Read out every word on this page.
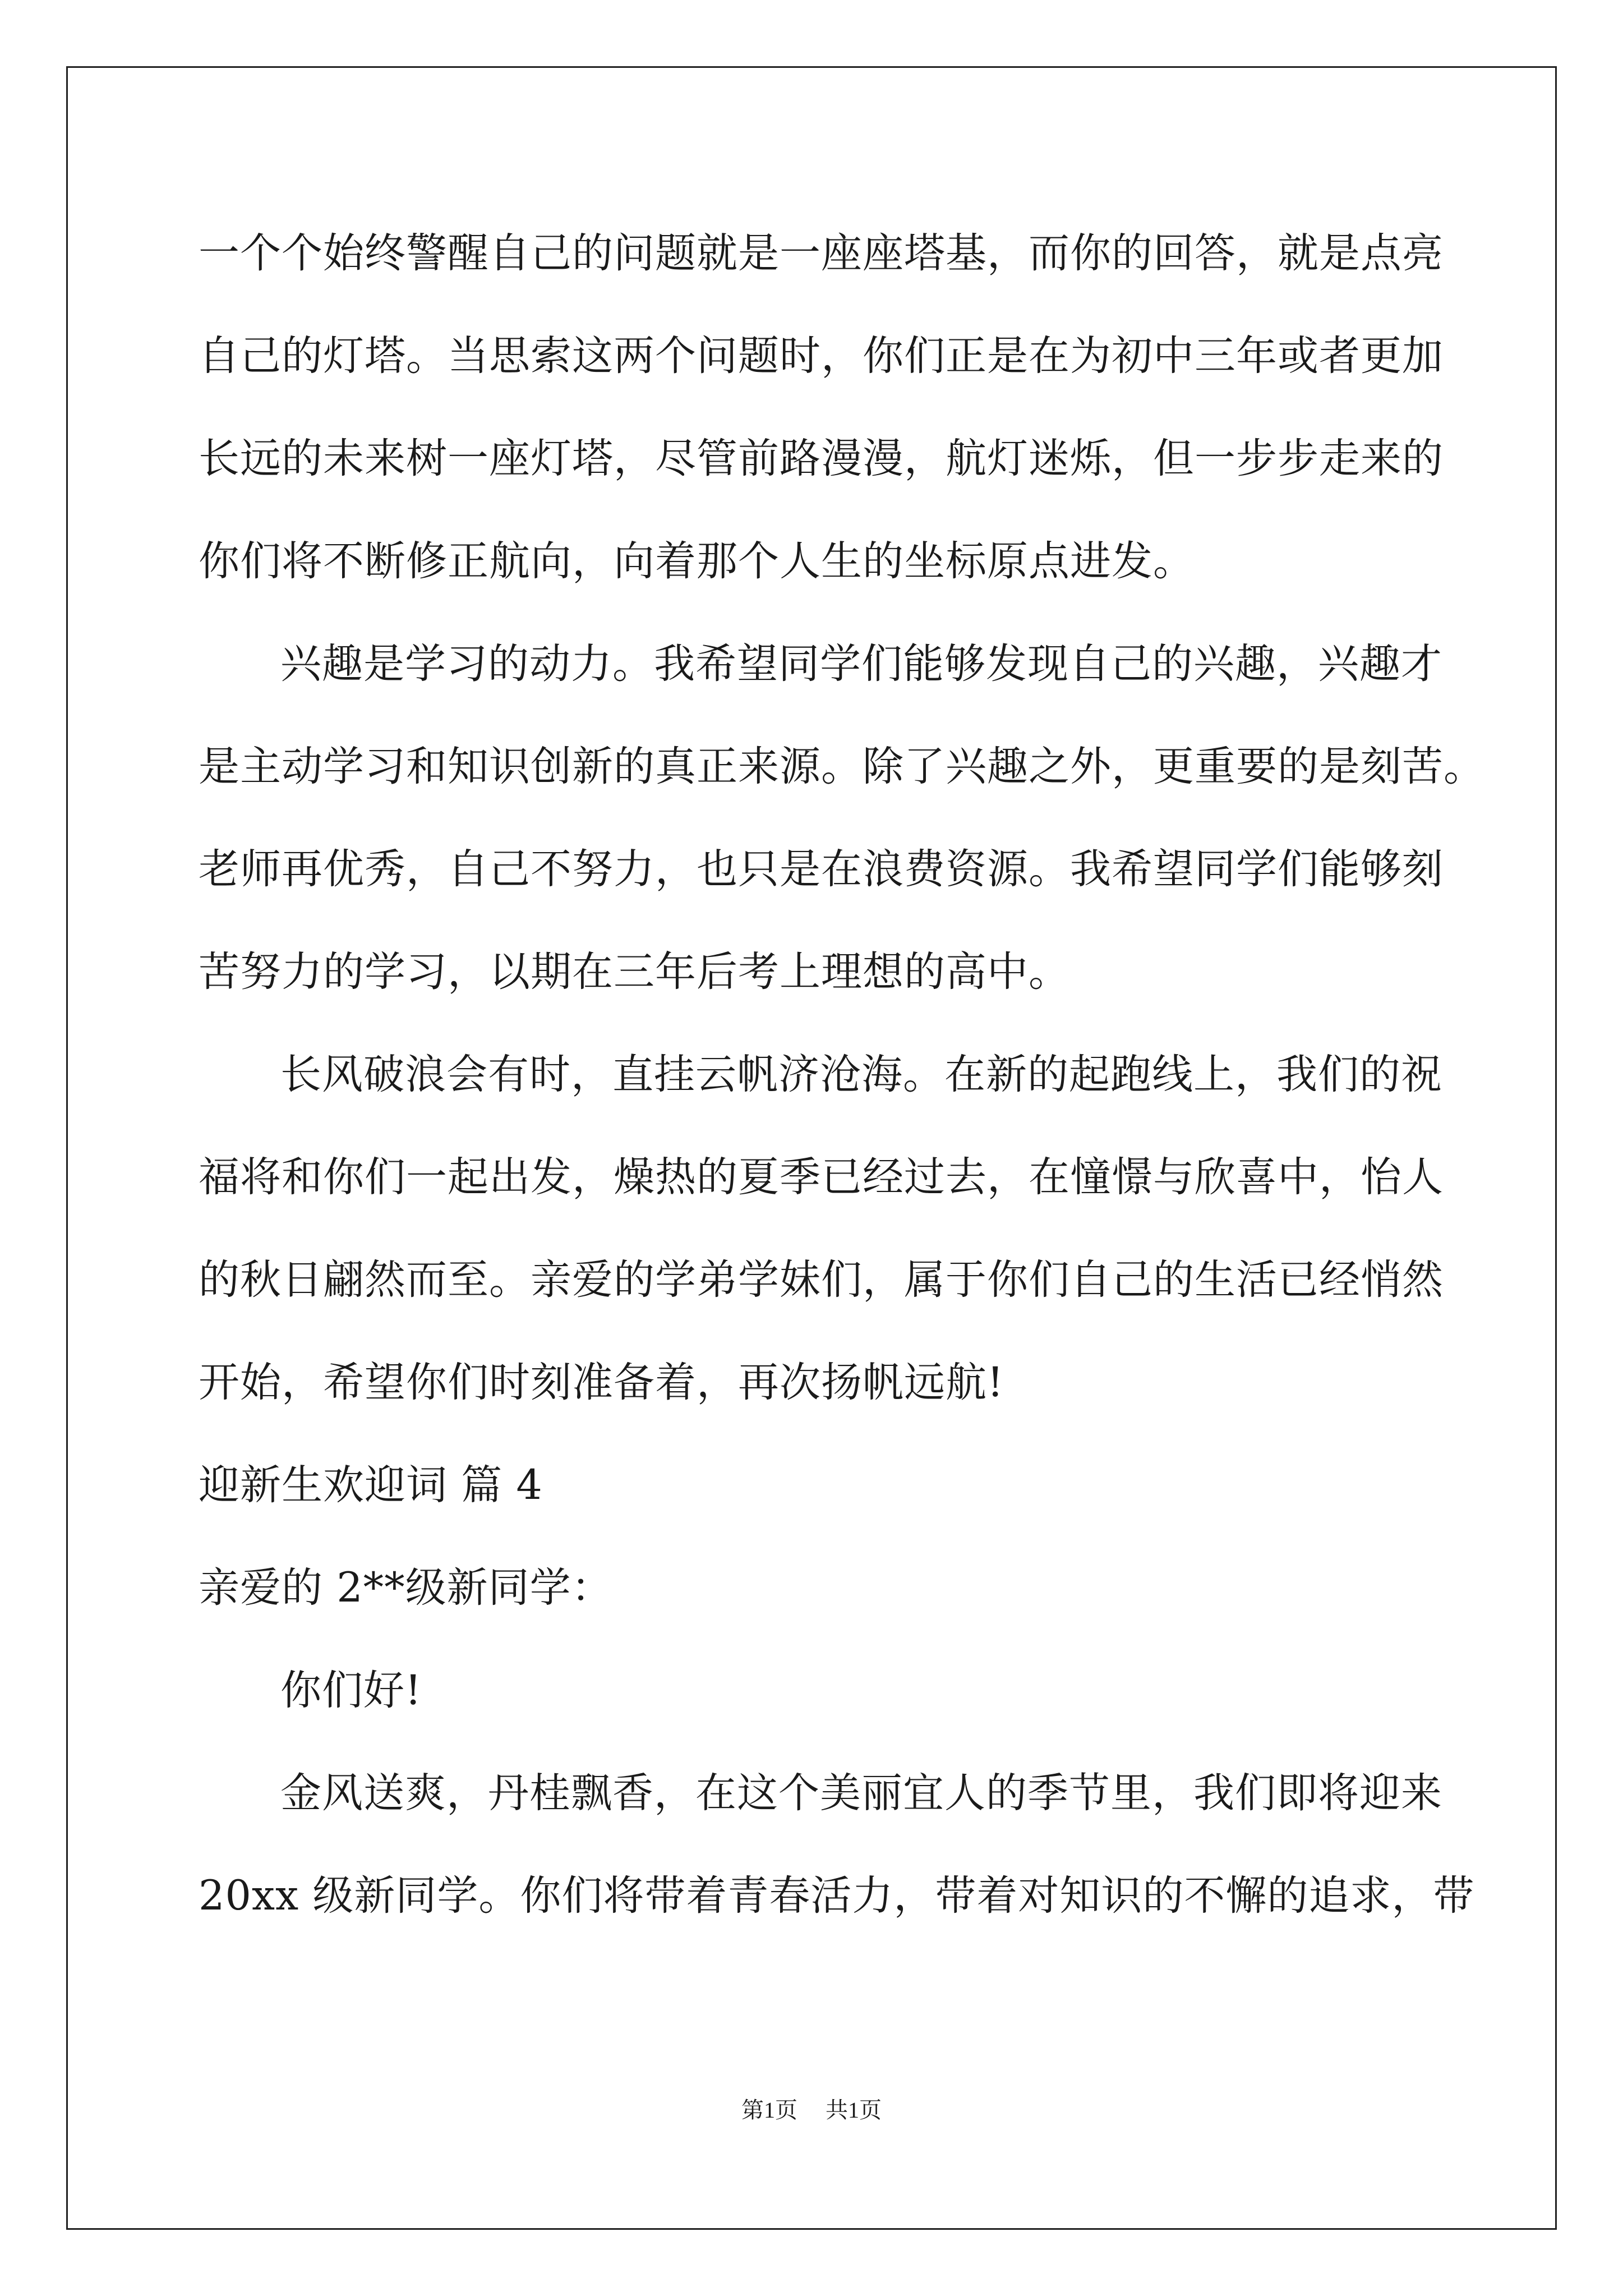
一个个始终警醒自己的问题就是一座座塔基，而你的回答，就是点亮
自己的灯塔。当思索这两个问题时，你们正是在为初中三年或者更加
长远的未来树一座灯塔，尽管前路漫漫，航灯迷烁，但一步步走来的
你们将不断修正航向，向着那个人生的坐标原点进发。
兴趣是学习的动力。我希望同学们能够发现自己的兴趣，兴趣才
是主动学习和知识创新的真正来源。除了兴趣之外，更重要的是刻苦。
老师再优秀，自己不努力，也只是在浪费资源。我希望同学们能够刻
苦努力的学习，以期在三年后考上理想的高中。
长风破浪会有时，直挂云帆济沧海。在新的起跑线上，我们的祝
福将和你们一起出发，燥热的夏季已经过去，在憧憬与欣喜中，怡人
的秋日翩然而至。亲爱的学弟学妹们，属于你们自己的生活已经悄然
开始，希望你们时刻准备着，再次扬帆远航!
迎新生欢迎词 篇 4
亲爱的 2**级新同学：
你们好!
金风送爽，丹桂飘香，在这个美丽宜人的季节里，我们即将迎来
20xx 级新同学。你们将带着青春活力，带着对知识的不懈的追求，带
第1页 共1页
